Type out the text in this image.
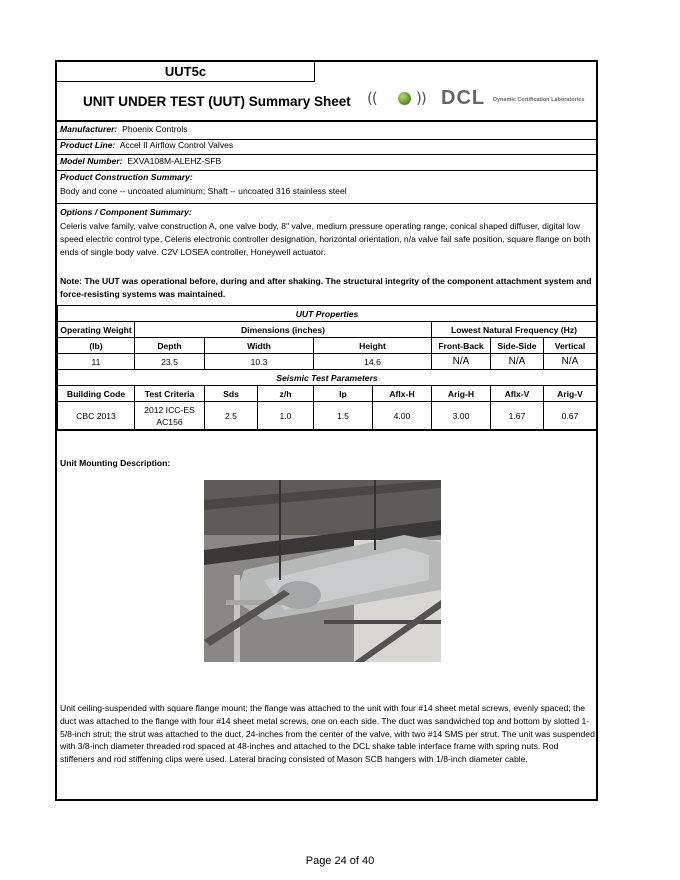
UUT5c
UNIT UNDER TEST (UUT) Summary Sheet ((	)) DCL Dynamic Certification Laboratories
Manufacturer: Phoenix Controls
Product Line: Accel II Airflow Control Valves
Model Number: EXVA108M-ALEHZ-SFB
Product Construction Summary:
Body and cone -- uncoated aluminum; Shaft -- uncoated 316 stainless steel
Options / Component Summary:
Celeris valve family, valve construction A, one valve body, 8" valve, medium pressure operating range, conical shaped diffuser, digital low speed electric control type, Celeris electronic controller designation, horizontal orientation, n/a valve fail safe position, square flange on both ends of single body valve. C2V LOSEA controller, Honeywell actuator.
Note: The UUT was operational before, during and after shaking. The structural integrity of the component attachment system and force-resisting systems was maintained.
UUT Properties								
Operating Weight	Dimensions (inches)					Lowest Natural Frequency (Hz)		
(lb)	Depth	Width		Height		Front-Back	Side-Side	Vertical
11	23.5	10.3		14.6		N/A	N/A	N/A
Seismic Test Parameters								
Building Code	Test Criteria	Sds	z/h	Ip	Aflx-H	Arig-H	Aflx-V	Arig-V
CBC 2013	2012 ICC-ES AC156	2.5	1.0	1.5	4.00	3.00	1.67	0.67
Unit Mounting Description:
Unit ceiling-suspended with square flange mount; the flange was attached to the unit with four #14 sheet metal screws, evenly spaced; the duct was attached to the flange with four #14 sheet metal screws, one on each side. The duct was sandwiched top and bottom by slotted 1-5/8-inch strut; the strut was attached to the duct, 24-inches from the center of the valve, with two #14 SMS per strut. The unit was suspended with 3/8-inch diameter threaded rod spaced at 48-inches and attached to the DCL shake table interface frame with spring nuts. Rod stiffeners and rod stiffening clips were used. Lateral bracing consisted of Mason SCB hangers with 1/8-inch diameter cable.
Page 24 of 40
